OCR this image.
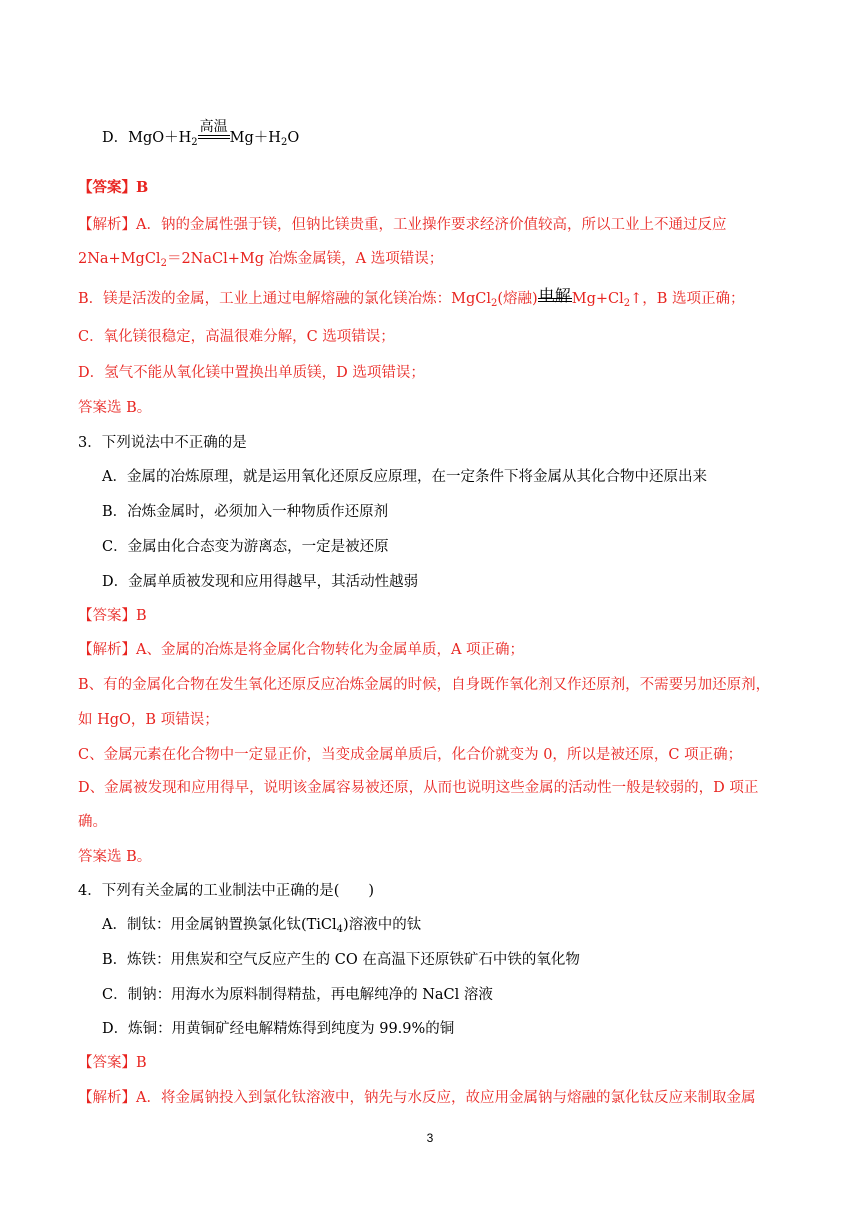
D．$MgO+H_2$
高温
$Mg+H_2O$
【答案】B
【解析】A．钠的金属性强于镁，但钠比镁贵重，工业操作要求经济价值较高，所以工业上不通过反应
2Na+MgCl$_2$＝2NaCl+Mg 冶炼金属镁，A 选项错误；
B．镁是活泼的金属，工业上通过电解熔融的氯化镁冶炼：MgCl$_2$(熔融) 电解 $Mg+Cl_2↑$，B 选项正确；
C．氧化镁很稳定，高温很难分解，C 选项错误；
D．氢气不能从氧化镁中置换出单质镁，D 选项错误；
答案选 B。
3．下列说法中不正确的是
A．金属的冶炼原理，就是运用氧化还原反应原理，在一定条件下将金属从其化合物中还原出来
B．冶炼金属时，必须加入一种物质作还原剂
C．金属由化合态变为游离态，一定是被还原
D．金属单质被发现和应用得越早，其活动性越弱
【答案】B
【解析】A、金属的冶炼是将金属化合物转化为金属单质，A 项正确；
B、有的金属化合物在发生氧化还原反应冶炼金属的时候，自身既作氧化剂又作还原剂，不需要另加还原剂，
如 HgO，B 项错误；
C、金属元素在化合物中一定显正价，当变成金属单质后，化合价就变为 0，所以是被还原，C 项正确；
D、金属被发现和应用得早，说明该金属容易被还原，从而也说明这些金属的活动性一般是较弱的，D 项正
确。
答案选 B。
4．下列有关金属的工业制法中正确的是(　　)
A．制钛：用金属钠置换氯化钛(TiCl$_4$)溶液中的钛
B．炼铁：用焦炭和空气反应产生的 CO 在高温下还原铁矿石中铁的氧化物
C．制钠：用海水为原料制得精盐，再电解纯净的 NaCl 溶液
D．炼铜：用黄铜矿经电解精炼得到纯度为 99.9%的铜
【答案】B
【解析】A．将金属钠投入到氯化钛溶液中，钠先与水反应，故应用金属钠与熔融的氯化钛反应来制取金属
3
